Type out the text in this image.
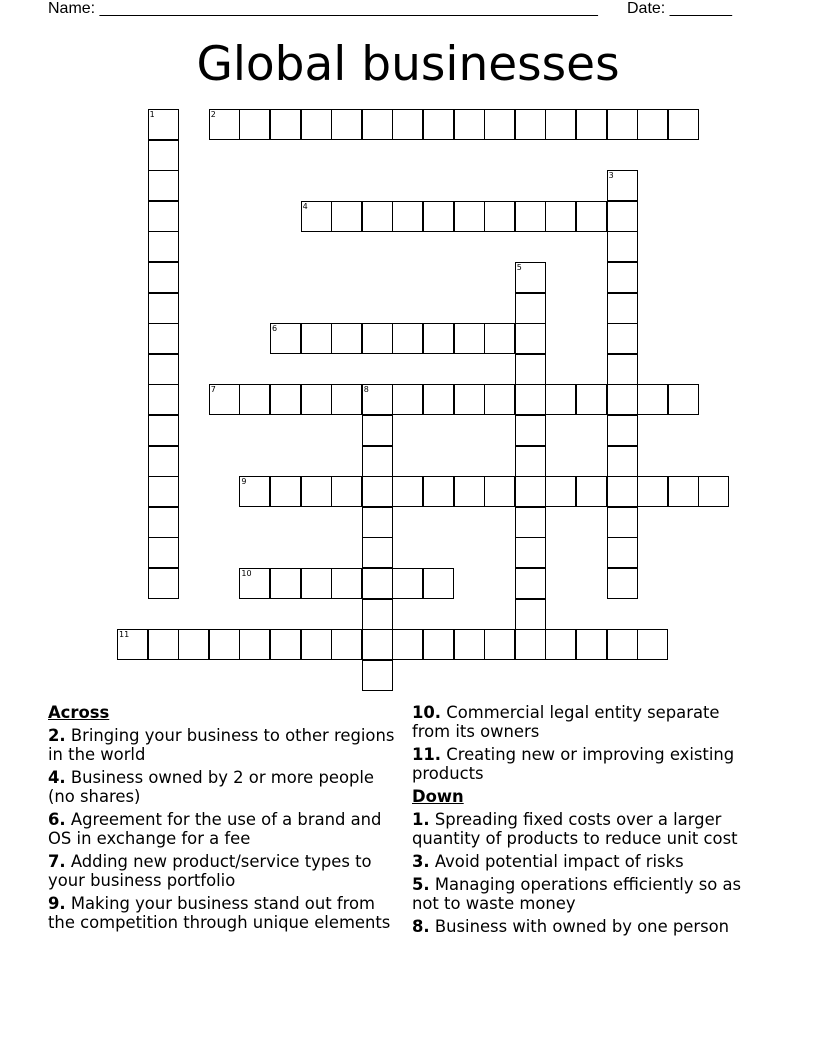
Name: ________________________________________________________ Date: _______
Global businesses
1	2
3
4
5
6
7	8
9
10
11
Across
2. Bringing your business to other regions in the world
4. Business owned by 2 or more people (no shares)
6. Agreement for the use of a brand and OS in exchange for a fee
7. Adding new product/service types to your business portfolio
9. Making your business stand out from the competition through unique elements
10. Commercial legal entity separate from its owners
11. Creating new or improving existing products
Down
1. Spreading fixed costs over a larger quantity of products to reduce unit cost
3. Avoid potential impact of risks
5. Managing operations efficiently so as not to waste money
8. Business with owned by one person
